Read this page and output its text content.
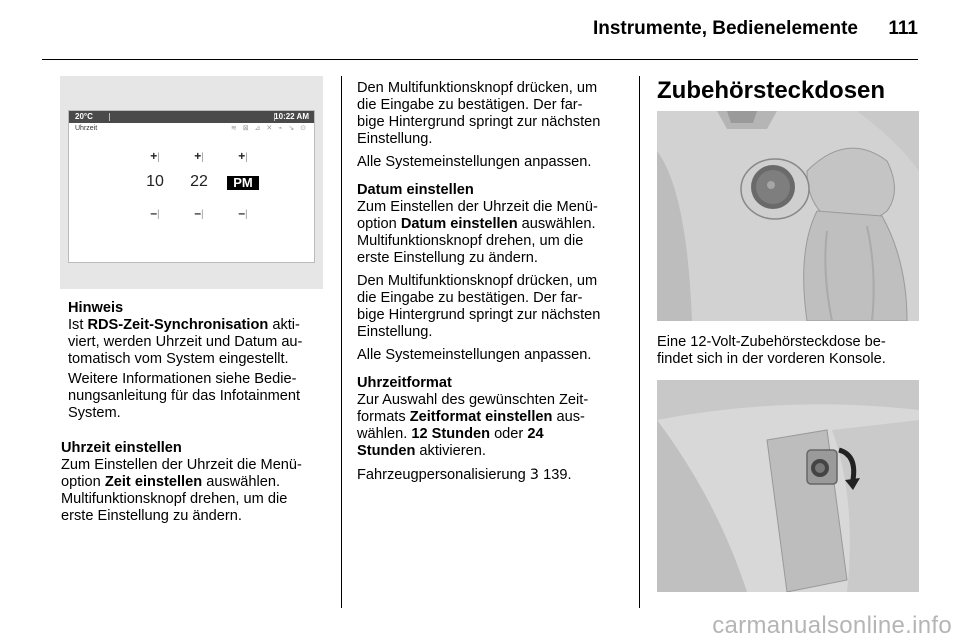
Instrumente, Bedienelemente 111
20°C	10:22 AM
Uhrzeit	≋ ⊠ ⊿ ✕ ⌁ ↘ ⊙
+|	+|	+|
10	22	PM
–|	–|	–|
Hinweis
Ist RDS-Zeit-Synchronisation akti-
viert, werden Uhrzeit und Datum au-
tomatisch vom System eingestellt.
Weitere Informationen siehe Bedie-
nungsanleitung für das Infotainment
System.
Uhrzeit einstellen

Zum Einstellen der Uhrzeit die Menü-
option Zeit einstellen auswählen.
Multifunktionsknopf drehen, um die
erste Einstellung zu ändern.

Den Multifunktionsknopf drücken, um
die Eingabe zu bestätigen. Der far-
bige Hintergrund springt zur nächsten
Einstellung.

Alle Systemeinstellungen anpassen.

Datum einstellen

Zum Einstellen der Uhrzeit die Menü-
option Datum einstellen auswählen.
Multifunktionsknopf drehen, um die
erste Einstellung zu ändern.

Den Multifunktionsknopf drücken, um
die Eingabe zu bestätigen. Der far-
bige Hintergrund springt zur nächsten
Einstellung.

Alle Systemeinstellungen anpassen.

Uhrzeitformat

Zur Auswahl des gewünschten Zeit-
formats Zeitformat einstellen aus-
wählen. 12 Stunden oder 24
Stunden aktivieren.

Fahrzeugpersonalisierung 3 139.

Zubehörsteckdosen

Eine 12-Volt-Zubehörsteckdose be-
findet sich in der vorderen Konsole.

carmanualsonline.info
